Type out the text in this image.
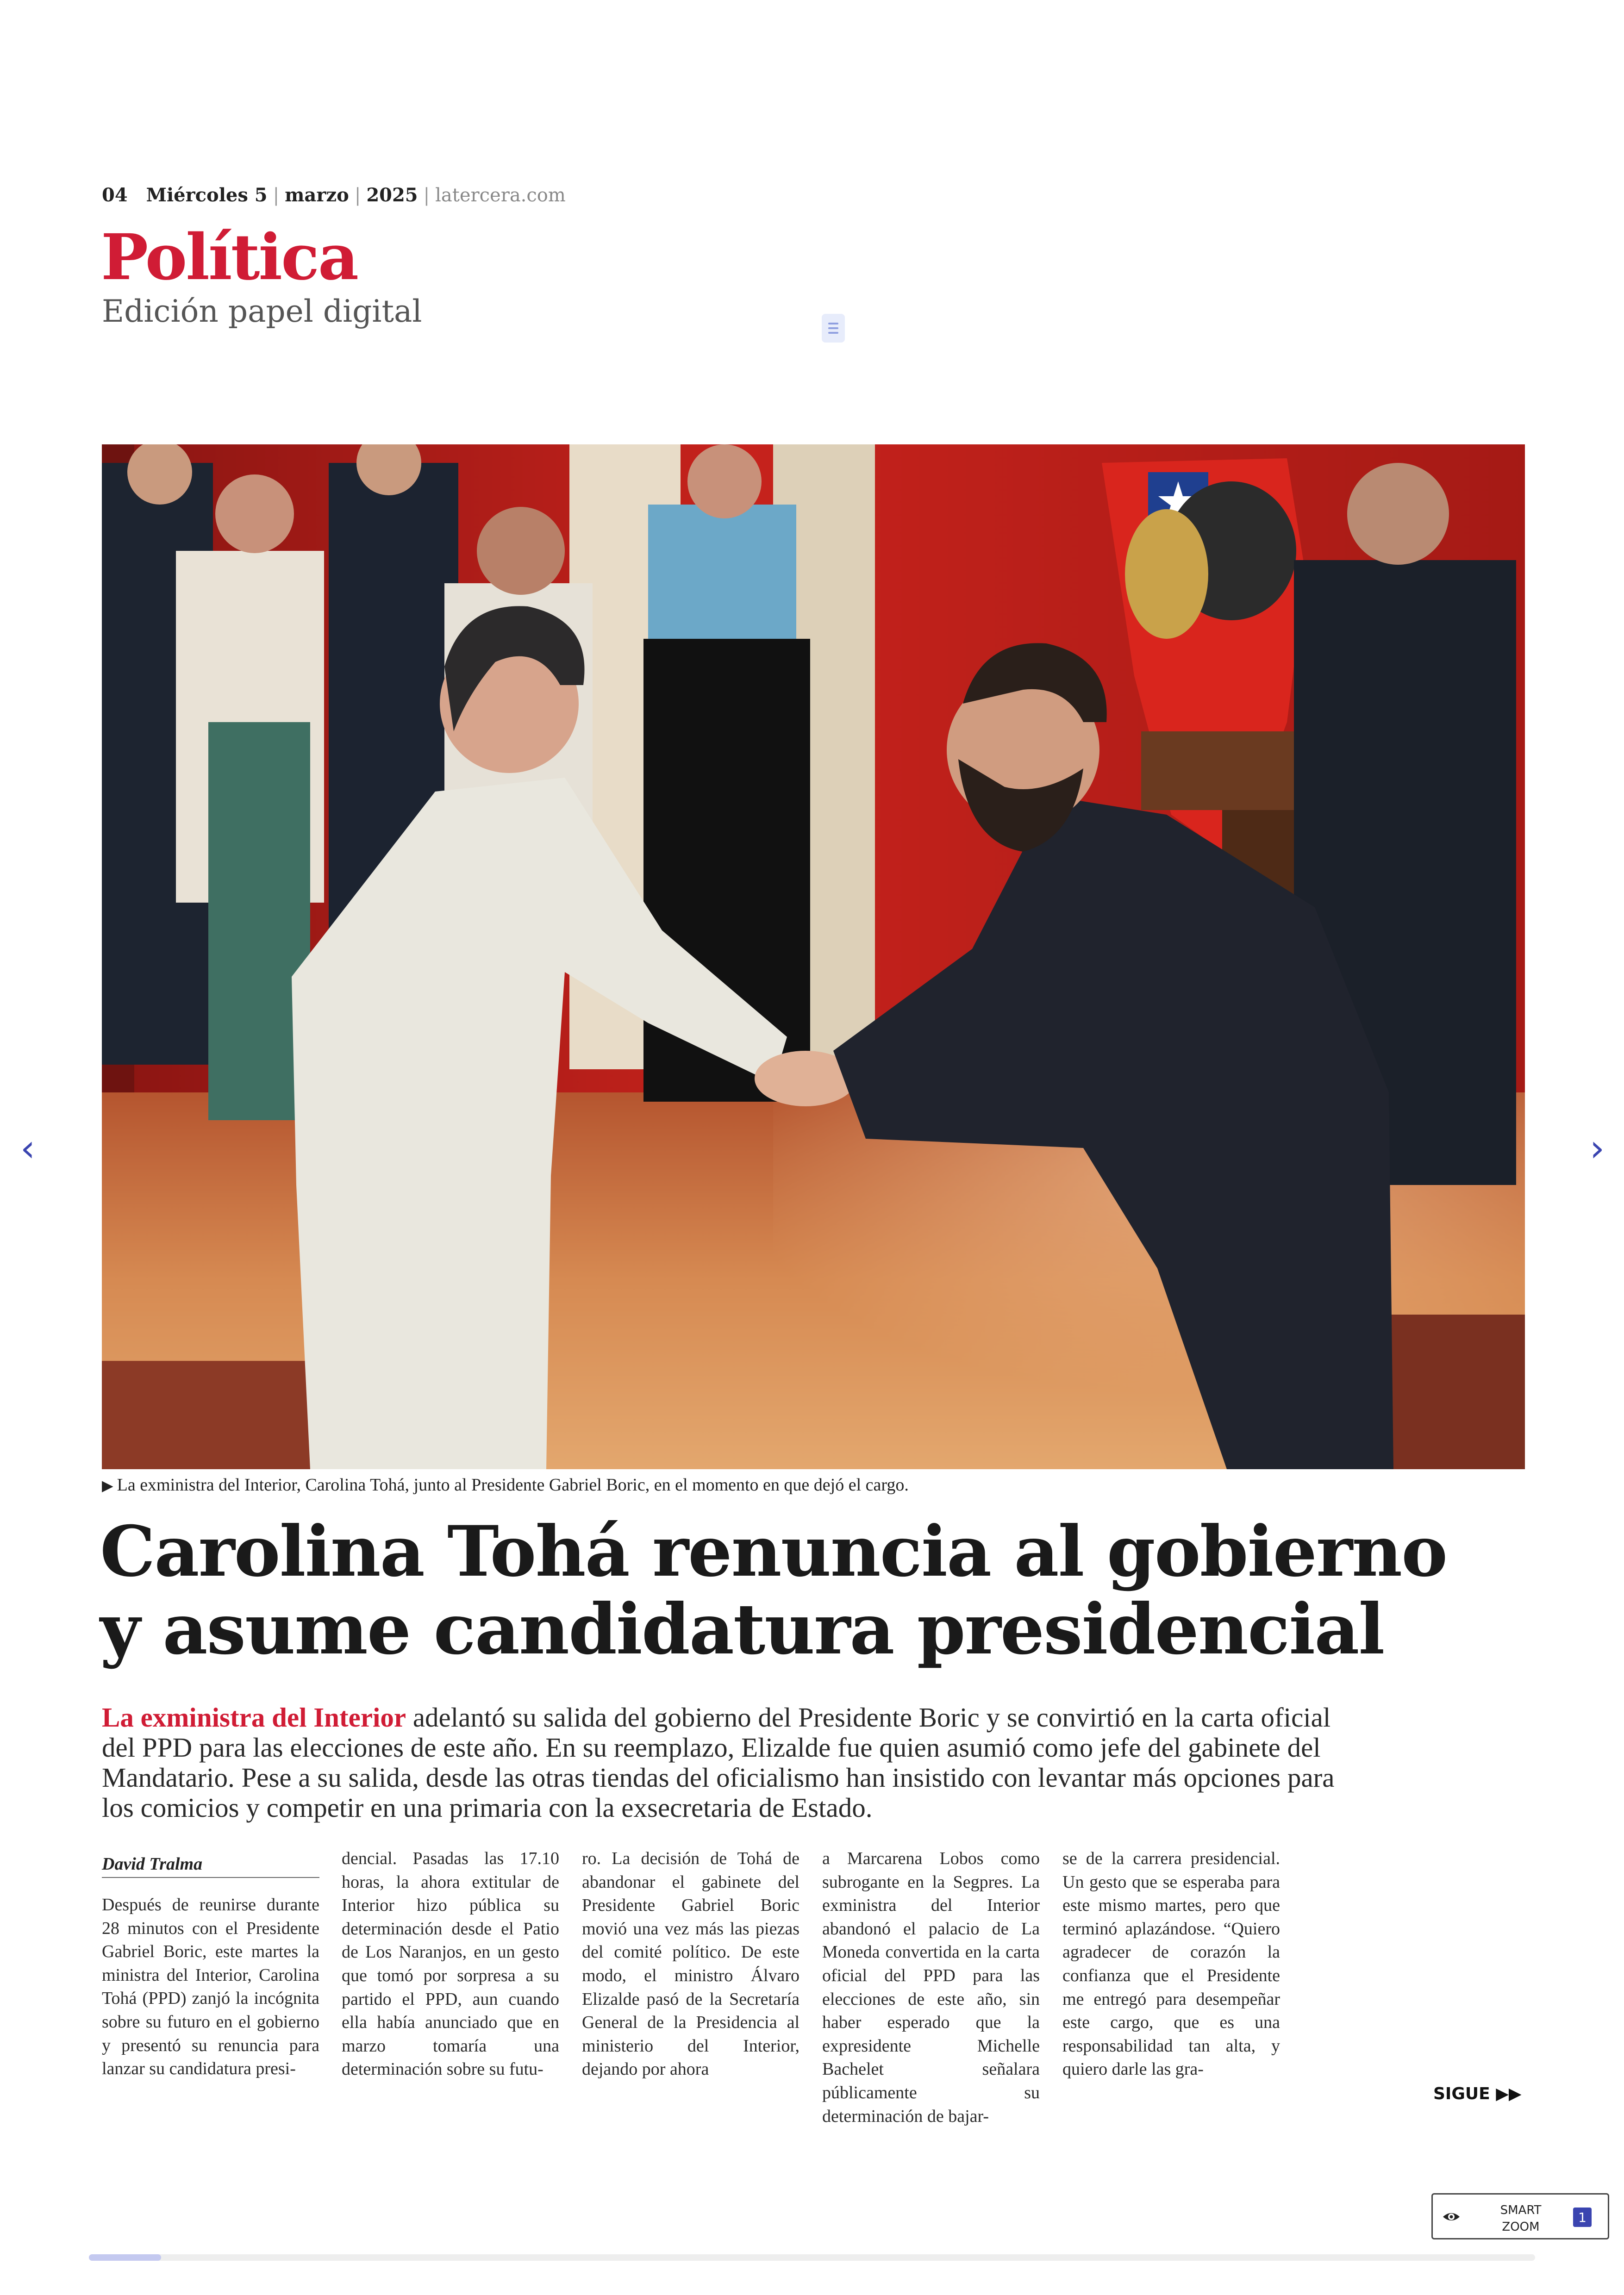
04 Miércoles 5 | marzo | 2025 | latercera.com
Política
Edición papel digital
▶ La exministra del Interior, Carolina Tohá, junto al Presidente Gabriel Boric, en el momento en que dejó el cargo.
Carolina Tohá renuncia al gobierno
y asume candidatura presidencial
La exministra del Interior adelantó su salida del gobierno del Presidente Boric y se convirtió en la carta oficial del PPD para las elecciones de este año. En su reemplazo, Elizalde fue quien asumió como jefe del gabinete del Mandatario. Pese a su salida, desde las otras tiendas del oficialismo han insistido con levantar más opciones para los comicios y competir en una primaria con la exsecretaria de Estado.
David Tralma
Después de reunirse durante 28 minutos con el Presidente Gabriel Boric, este martes la ministra del Interior, Carolina Tohá (PPD) zanjó la incógnita sobre su futuro en el gobierno y presentó su renuncia para lanzar su candidatura presi-
dencial. Pasadas las 17.10 horas, la ahora extitular de Interior hizo pública su determinación desde el Patio de Los Naranjos, en un gesto que tomó por sorpresa a su partido el PPD, aun cuando ella había anunciado que en marzo tomaría una determinación sobre su futu-
ro. La decisión de Tohá de abandonar el gabinete del Presidente Gabriel Boric movió una vez más las piezas del comité político. De este modo, el ministro Álvaro Elizalde pasó de la Secretaría General de la Presidencia al ministerio del Interior, dejando por ahora
a Marcarena Lobos como subrogante en la Segpres. La exministra del Interior abandonó el palacio de La Moneda convertida en la carta oficial del PPD para las elecciones de este año, sin haber esperado que la expresidente Michelle Bachelet señalara públicamente su determinación de bajar-
se de la carrera presidencial. Un gesto que se esperaba para este mismo martes, pero que terminó aplazándose. “Quiero agradecer de corazón la confianza que el Presidente me entregó para desempeñar este cargo, que es una responsabilidad tan alta, y quiero darle las gra-
SIGUE ▶▶
‹	›
SMART
ZOOM
1
